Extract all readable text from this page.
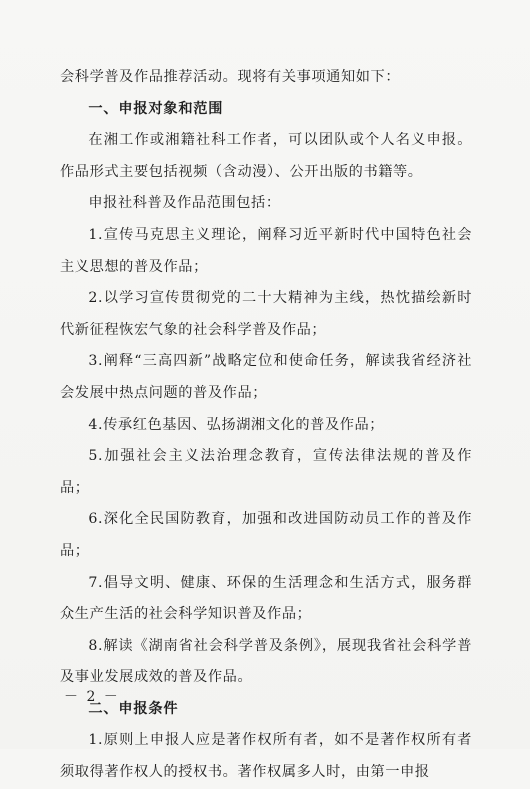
会科学普及作品推荐活动。现将有关事项通知如下：

一、申报对象和范围

在湘工作或湘籍社科工作者，可以团队或个人名义申报。作品形式主要包括视频（含动漫）、公开出版的书籍等。

申报社科普及作品范围包括：

1.宣传马克思主义理论，阐释习近平新时代中国特色社会主义思想的普及作品；

2.以学习宣传贯彻党的二十大精神为主线，热忱描绘新时代新征程恢宏气象的社会科学普及作品；

3.阐释“三高四新”战略定位和使命任务，解读我省经济社会发展中热点问题的普及作品；

4.传承红色基因、弘扬湖湘文化的普及作品；

5.加强社会主义法治理念教育，宣传法律法规的普及作品；

6.深化全民国防教育，加强和改进国防动员工作的普及作品；

7.倡导文明、健康、环保的生活理念和生活方式，服务群众生产生活的社会科学知识普及作品；

8.解读《湖南省社会科学普及条例》，展现我省社会科学普及事业发展成效的普及作品。

二、申报条件

1.原则上申报人应是著作权所有者，如不是著作权所有者须取得著作权人的授权书。著作权属多人时，由第一申报

－ 2 －
